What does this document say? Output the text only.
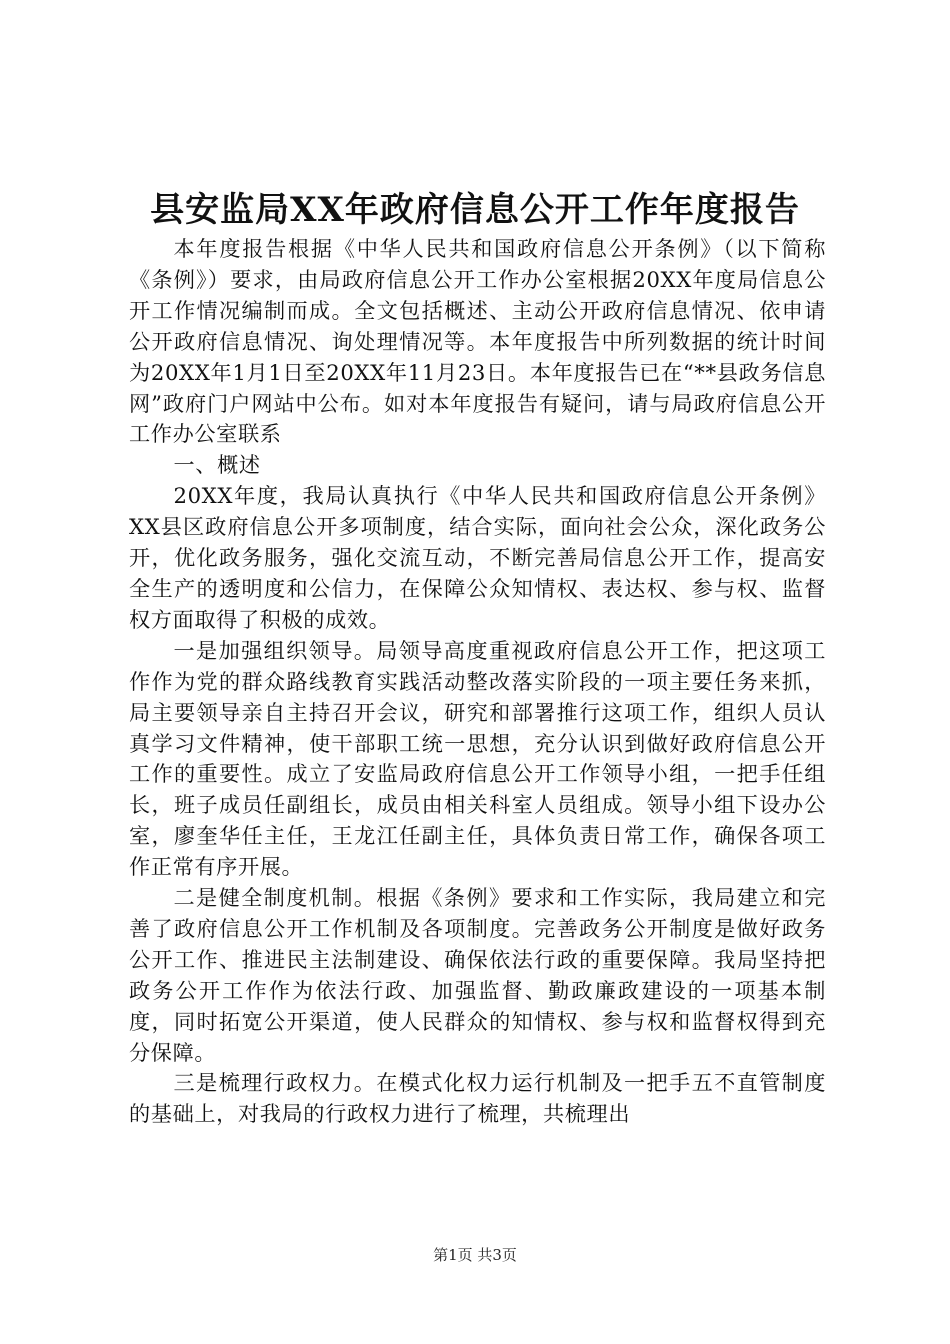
县安监局XX年政府信息公开工作年度报告

本年度报告根据《中华人民共和国政府信息公开条例》（以下简称《条例》）要求，由局政府信息公开工作办公室根据20XX年度局信息公开工作情况编制而成。全文包括概述、主动公开政府信息情况、依申请公开政府信息情况、询处理情况等。本年度报告中所列数据的统计时间为20XX年1月1日至20XX年11月23日。本年度报告已在“**县政务信息网”政府门户网站中公布。如对本年度报告有疑问，请与局政府信息公开工作办公室联系

一、概述

20XX年度，我局认真执行《中华人民共和国政府信息公开条例》XX县区政府信息公开多项制度，结合实际，面向社会公众，深化政务公开，优化政务服务，强化交流互动，不断完善局信息公开工作，提高安全生产的透明度和公信力，在保障公众知情权、表达权、参与权、监督权方面取得了积极的成效。

一是加强组织领导。局领导高度重视政府信息公开工作，把这项工作作为党的群众路线教育实践活动整改落实阶段的一项主要任务来抓，局主要领导亲自主持召开会议，研究和部署推行这项工作，组织人员认真学习文件精神，使干部职工统一思想，充分认识到做好政府信息公开工作的重要性。成立了安监局政府信息公开工作领导小组，一把手任组长，班子成员任副组长，成员由相关科室人员组成。领导小组下设办公室，廖奎华任主任，王龙江任副主任，具体负责日常工作，确保各项工作正常有序开展。

二是健全制度机制。根据《条例》要求和工作实际，我局建立和完善了政府信息公开工作机制及各项制度。完善政务公开制度是做好政务公开工作、推进民主法制建设、确保依法行政的重要保障。我局坚持把政务公开工作作为依法行政、加强监督、勤政廉政建设的一项基本制度，同时拓宽公开渠道，使人民群众的知情权、参与权和监督权得到充分保障。

三是梳理行政权力。在模式化权力运行机制及一把手五不直管制度的基础上，对我局的行政权力进行了梳理，共梳理出

第1页 共3页
